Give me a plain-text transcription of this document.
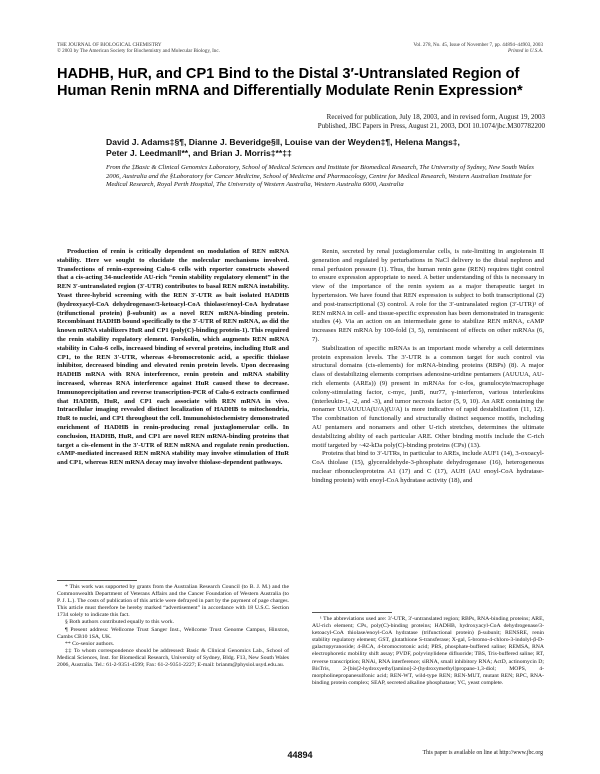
THE JOURNAL OF BIOLOGICAL CHEMISTRY
© 2003 by The American Society for Biochemistry and Molecular Biology, Inc.
Vol. 278, No. 45, Issue of November 7, pp. 44894–44903, 2003
Printed in U.S.A.
HADHB, HuR, and CP1 Bind to the Distal 3′-Untranslated Region of Human Renin mRNA and Differentially Modulate Renin Expression*
Received for publication, July 18, 2003, and in revised form, August 19, 2003
Published, JBC Papers in Press, August 21, 2003, DOI 10.1074/jbc.M307782200
David J. Adams‡§¶, Dianne J. Beveridge§‖, Louise van der Weyden‡¶, Helena Mangs‡,
Peter J. Leedman‖**, and Brian J. Morris‡**‡‡
From the ‡Basic & Clinical Genomics Laboratory, School of Medical Sciences and Institute for Biomedical Research, The University of Sydney, New South Wales 2006, Australia and the §Laboratory for Cancer Medicine, School of Medicine and Pharmacology, Centre for Medical Research, Western Australian Institute for Medical Research, Royal Perth Hospital, The University of Western Australia, Western Australia 6000, Australia

Production of renin is critically dependent on modulation of REN mRNA stability. Here we sought to elucidate the molecular mechanisms involved. Transfections of renin-expressing Calu-6 cells with reporter constructs showed that a cis-acting 34-nucleotide AU-rich “renin stability regulatory element” in the REN 3′-untranslated region (3′-UTR) contributes to basal REN mRNA instability. Yeast three-hybrid screening with the REN 3′-UTR as bait isolated HADHB (hydroxyacyl-CoA dehydrogenase/3-ketoacyl-CoA thiolase/enoyl-CoA hydratase (trifunctional protein) β-subunit) as a novel REN mRNA-binding protein. Recombinant HADHB bound specifically to the 3′-UTR of REN mRNA, as did the known mRNA stabilizers HuR and CP1 (poly(C)-binding protein-1). This required the renin stability regulatory element. Forskolin, which augments REN mRNA stability in Calu-6 cells, increased binding of several proteins, including HuR and CP1, to the REN 3′-UTR, whereas 4-bromocrotonic acid, a specific thiolase inhibitor, decreased binding and elevated renin protein levels. Upon decreasing HADHB mRNA with RNA interference, renin protein and mRNA stability increased, whereas RNA interference against HuR caused these to decrease. Immunoprecipitation and reverse transcription-PCR of Calu-6 extracts confirmed that HADHB, HuR, and CP1 each associate with REN mRNA in vivo. Intracellular imaging revealed distinct localization of HADHB to mitochondria, HuR to nuclei, and CP1 throughout the cell. Immunohistochemistry demonstrated enrichment of HADHB in renin-producing renal juxtaglomerular cells. In conclusion, HADHB, HuR, and CP1 are novel REN mRNA-binding proteins that target a cis-element in the 3′-UTR of REN mRNA and regulate renin production. cAMP-mediated increased REN mRNA stability may involve stimulation of HuR and CP1, whereas REN mRNA decay may involve thiolase-dependent pathways.

Renin, secreted by renal juxtaglomerular cells, is rate-limiting in angiotensin II generation and regulated by perturbations in NaCl delivery to the distal nephron and renal perfusion pressure (1). Thus, the human renin gene (REN) requires tight control to ensure expression appropriate to need. A better understanding of this is necessary in view of the importance of the renin system as a major therapeutic target in hypertension. We have found that REN expression is subject to both transcriptional (2) and post-transcriptional (3) control. A role for the 3′-untranslated region (3′-UTR)¹ of REN mRNA in cell- and tissue-specific expression has been demonstrated in transgenic studies (4). Via an action on an intermediate gene to stabilize REN mRNA, cAMP increases REN mRNA by 100-fold (3, 5), reminiscent of effects on other mRNAs (6, 7).

Stabilization of specific mRNAs is an important mode whereby a cell determines protein expression levels. The 3′-UTR is a common target for such control via structural domains (cis-elements) for mRNA-binding proteins (RBPs) (8). A major class of destabilizing elements comprises adenosine-uridine pentamers (AUUUA, AU-rich elements (AREs)) (9) present in mRNAs for c-fos, granulocyte/macrophage colony-stimulating factor, c-myc, junB, nur77, γ-interferon, various interleukins (interleukin-1, -2, and -3), and tumor necrosis factor (5, 9, 10). An ARE containing the nonamer UUAUUUA(U/A)(U/A) is more indicative of rapid destabilization (11, 12). The combination of functionally and structurally distinct sequence motifs, including AU pentamers and nonamers and other U-rich stretches, determines the ultimate destabilizing ability of each particular ARE. Other binding motifs include the C-rich motif targeted by ~42-kDa poly(C)-binding proteins (CPs) (13).

Proteins that bind to 3′-UTRs, in particular to AREs, include AUF1 (14), 3-oxoacyl-CoA thiolase (15), glyceraldehyde-3-phosphate dehydrogenase (16), heterogeneous nuclear ribonucleoproteins A1 (17) and C (17), AUH (AU enoyl-CoA hydratase-binding protein) with enoyl-CoA hydratase activity (18), and

* This work was supported by grants from the Australian Research Council (to B. J. M.) and the Commonwealth Department of Veterans Affairs and the Cancer Foundation of Western Australia (to P. J. L.). The costs of publication of this article were defrayed in part by the payment of page charges. This article must therefore be hereby marked “advertisement” in accordance with 18 U.S.C. Section 1734 solely to indicate this fact.

§ Both authors contributed equally to this work.

¶ Present address: Wellcome Trust Sanger Inst., Wellcome Trust Genome Campus, Hinxton, Cambs CB10 1SA, UK.

** Co-senior authors.

‡‡ To whom correspondence should be addressed: Basic & Clinical Genomics Lab., School of Medical Sciences, Inst. for Biomedical Research, University of Sydney, Bldg. F13, New South Wales 2006, Australia. Tel.: 61-2-9351-4599; Fax: 61-2-9351-2227; E-mail: brianm@physiol.usyd.edu.au.

¹ The abbreviations used are: 3′-UTR, 3′-untranslated region; RBPs, RNA-binding proteins; ARE, AU-rich element; CPs, poly(C)-binding proteins; HADHB, hydroxyacyl-CoA dehydrogenase/3-ketoacyl-CoA thiolase/enoyl-CoA hydratase (trifunctional protein) β-subunit; RENSRE, renin stability regulatory element; GST, glutathione S-transferase; X-gal, 5-bromo-4-chloro-3-indolyl-β-D-galactopyranoside; 4-BCA, 4-bromocrotonic acid; PBS, phosphate-buffered saline; REMSA, RNA electrophoretic mobility shift assay; PVDF, polyvinylidene difluoride; TBS, Tris-buffered saline; RT, reverse transcription; RNAi, RNA interference; siRNA, small inhibitory RNA; ActD, actinomycin D; BisTris, 2-[bis(2-hydroxyethyl)amino]-2-(hydroxymethyl)propane-1,3-diol; MOPS, 4-morpholinepropanesulfonic acid; REN-WT, wild-type REN; REN-MUT, mutant REN; RPC, RNA-binding protein complex; SEAP, secreted alkaline phosphatase; YC, yeast complete.

44894	This paper is available on line at http://www.jbc.org
